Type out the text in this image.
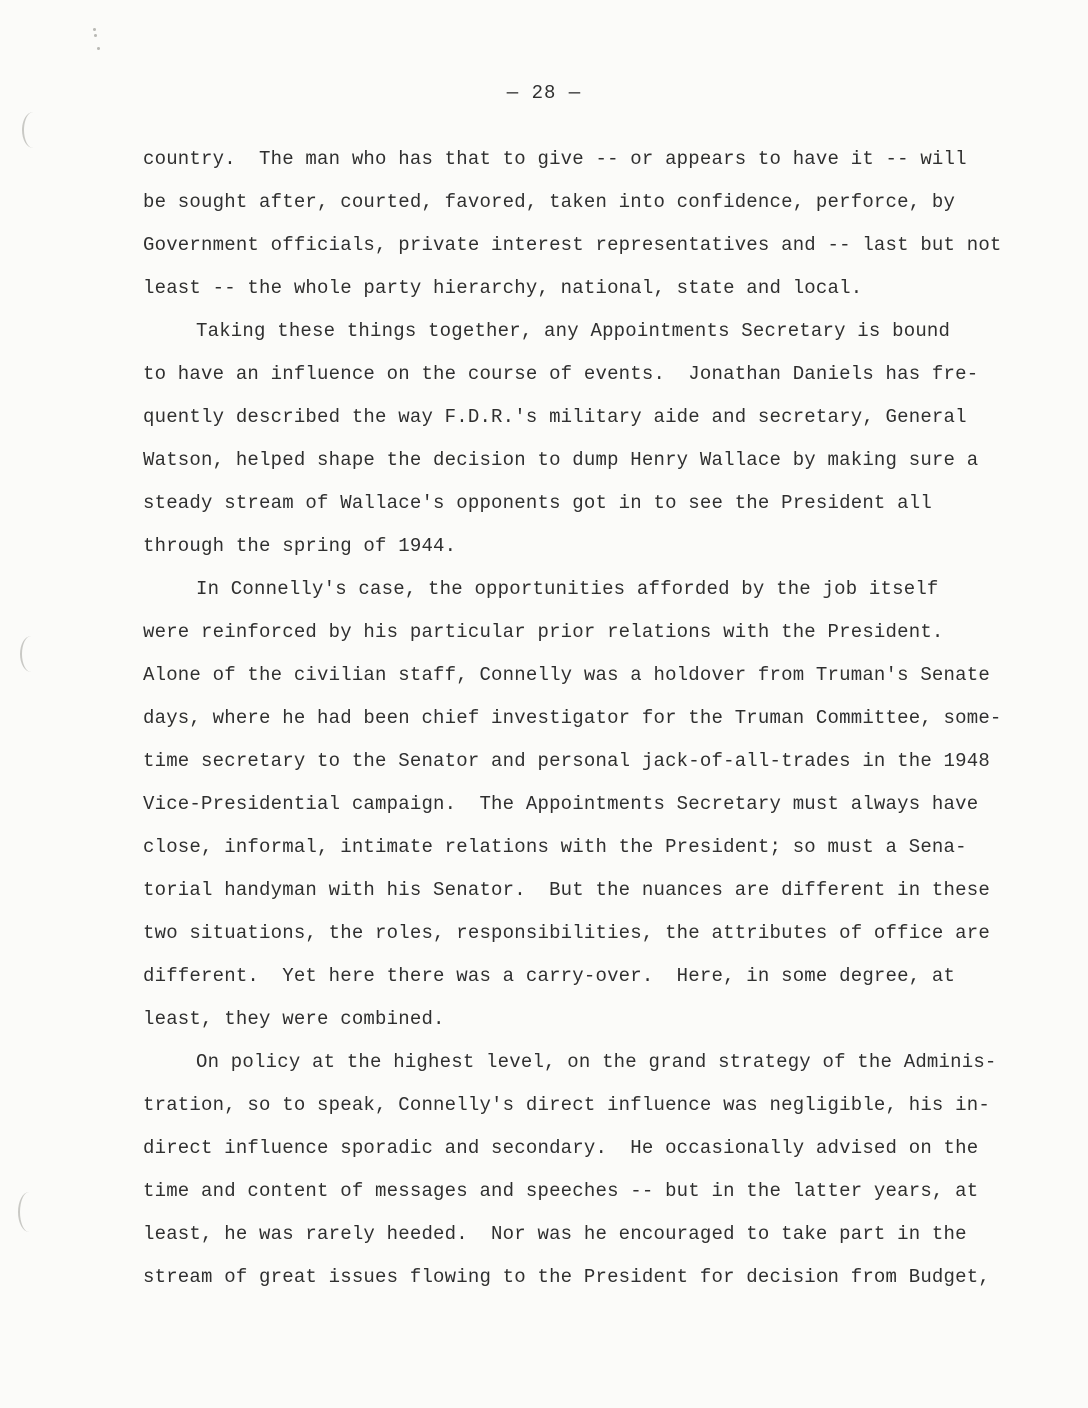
— 28 —
country.  The man who has that to give -- or appears to have it -- will
be sought after, courted, favored, taken into confidence, perforce, by
Government officials, private interest representatives and -- last but not
least -- the whole party hierarchy, national, state and local.
Taking these things together, any Appointments Secretary is bound
to have an influence on the course of events.  Jonathan Daniels has fre-
quently described the way F.D.R.'s military aide and secretary, General
Watson, helped shape the decision to dump Henry Wallace by making sure a
steady stream of Wallace's opponents got in to see the President all
through the spring of 1944.
In Connelly's case, the opportunities afforded by the job itself
were reinforced by his particular prior relations with the President.
Alone of the civilian staff, Connelly was a holdover from Truman's Senate
days, where he had been chief investigator for the Truman Committee, some-
time secretary to the Senator and personal jack-of-all-trades in the 1948
Vice-Presidential campaign.  The Appointments Secretary must always have
close, informal, intimate relations with the President; so must a Sena-
torial handyman with his Senator.  But the nuances are different in these
two situations, the roles, responsibilities, the attributes of office are
different.  Yet here there was a carry-over.  Here, in some degree, at
least, they were combined.
On policy at the highest level, on the grand strategy of the Adminis-
tration, so to speak, Connelly's direct influence was negligible, his in-
direct influence sporadic and secondary.  He occasionally advised on the
time and content of messages and speeches -- but in the latter years, at
least, he was rarely heeded.  Nor was he encouraged to take part in the
stream of great issues flowing to the President for decision from Budget,
